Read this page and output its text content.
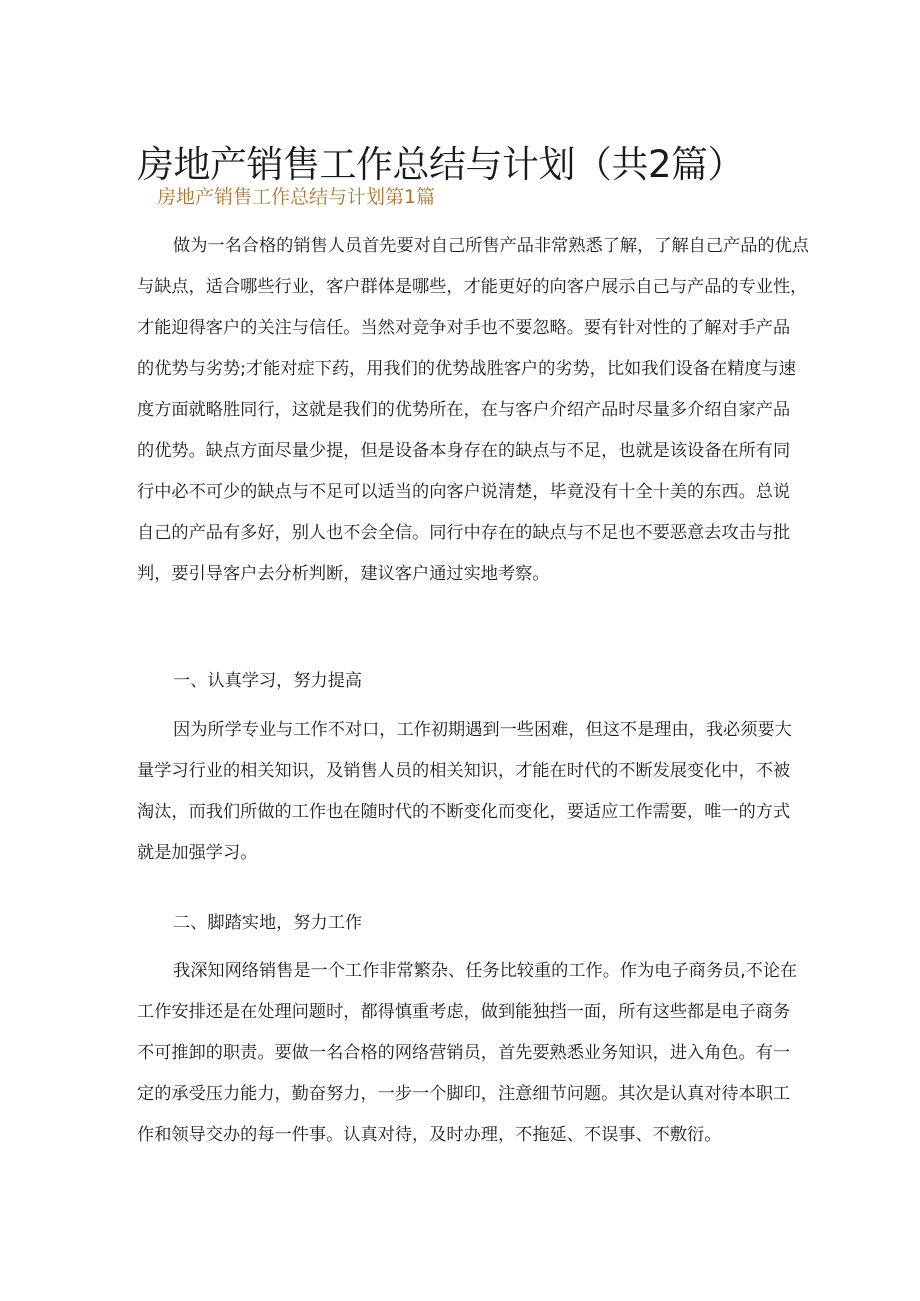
房地产销售工作总结与计划（共2篇）
房地产销售工作总结与计划第1篇
做为一名合格的销售人员首先要对自己所售产品非常熟悉了解，了解自己产品的优点
与缺点，适合哪些行业，客户群体是哪些，才能更好的向客户展示自己与产品的专业性，
才能迎得客户的关注与信任。当然对竞争对手也不要忽略。要有针对性的了解对手产品
的优势与劣势;才能对症下药，用我们的优势战胜客户的劣势，比如我们设备在精度与速
度方面就略胜同行，这就是我们的优势所在，在与客户介绍产品时尽量多介绍自家产品
的优势。缺点方面尽量少提，但是设备本身存在的缺点与不足，也就是该设备在所有同
行中必不可少的缺点与不足可以适当的向客户说清楚，毕竟没有十全十美的东西。总说
自己的产品有多好，别人也不会全信。同行中存在的缺点与不足也不要恶意去攻击与批
判，要引导客户去分析判断，建议客户通过实地考察。
一、认真学习，努力提高
因为所学专业与工作不对口，工作初期遇到一些困难，但这不是理由，我必须要大
量学习行业的相关知识，及销售人员的相关知识，才能在时代的不断发展变化中，不被
淘汰，而我们所做的工作也在随时代的不断变化而变化，要适应工作需要，唯一的方式
就是加强学习。
二、脚踏实地，努力工作
我深知网络销售是一个工作非常繁杂、任务比较重的工作。作为电子商务员,不论在
工作安排还是在处理问题时，都得慎重考虑，做到能独挡一面，所有这些都是电子商务
不可推卸的职责。要做一名合格的网络营销员，首先要熟悉业务知识，进入角色。有一
定的承受压力能力，勤奋努力，一步一个脚印，注意细节问题。其次是认真对待本职工
作和领导交办的每一件事。认真对待，及时办理，不拖延、不误事、不敷衍。
